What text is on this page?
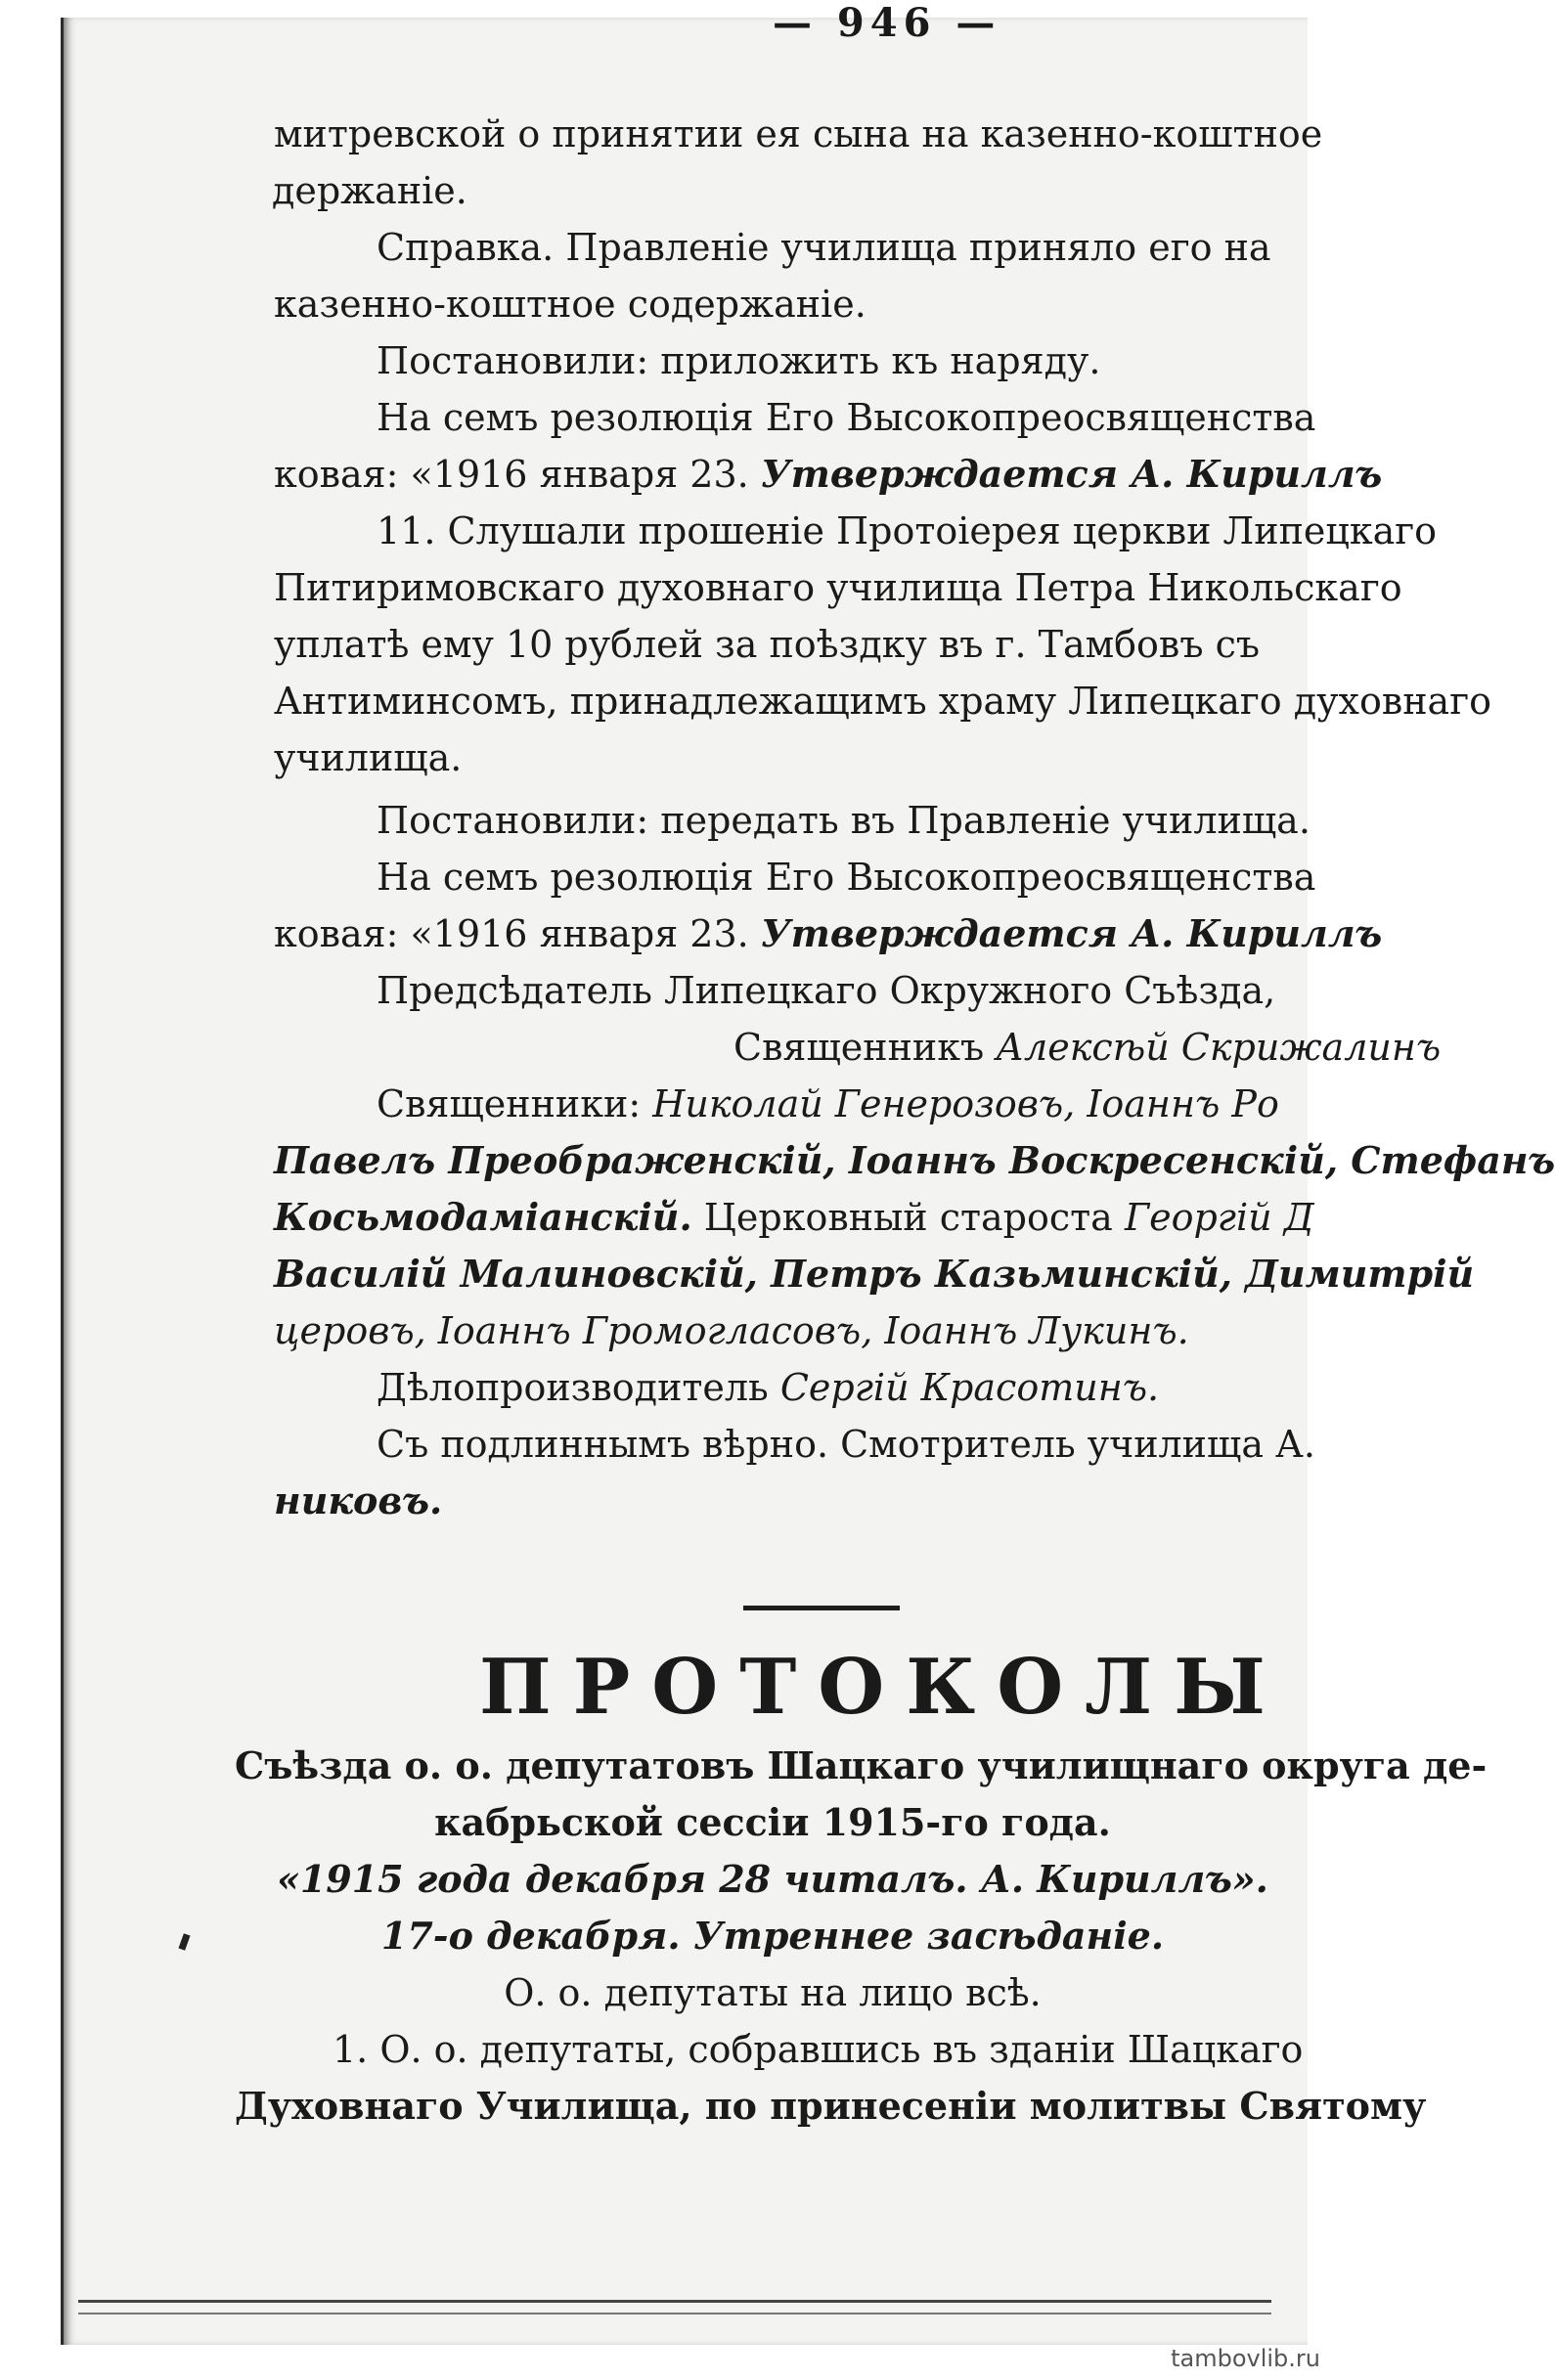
— 946 —
митревской о принятии ея сына на казенно-коштное
держаніе.
Справка. Правленіе училища приняло его на
казенно-коштное содержаніе.
Постановили: приложить къ наряду.
На семъ резолюція Его Высокопреосвященства
ковая: «1916 января 23. Утверждается А. Кириллъ
11. Слушали прошеніе Протоіерея церкви Липецкаго
Питиримовскаго духовнаго училища Петра Никольскаго
уплатѣ ему 10 рублей за поѣздку въ г. Тамбовъ съ
Антиминсомъ, принадлежащимъ храму Липецкаго духовнаго
училища.
Постановили: передать въ Правленіе училища.
На семъ резолюція Его Высокопреосвященства
ковая: «1916 января 23. Утверждается А. Кириллъ
Предсѣдатель Липецкаго Окружного Съѣзда,
Священникъ Алексѣй Скрижалинъ
Священники: Николай Генерозовъ, Іоаннъ Ро
Павелъ Преображенскій, Іоаннъ Воскресенскій, Стефанъ
Косьмодаміанскій. Церковный староста Георгій Д
Василій Малиновскій, Петръ Казьминскій, Димитрій
церовъ, Іоаннъ Громогласовъ, Іоаннъ Лукинъ.
Дѣлопроизводитель Сергій Красотинъ.
Съ подлиннымъ вѣрно. Смотритель училища А.
никовъ.
ПРОТОКОЛЫ
Съѣзда о. о. депутатовъ Шацкаго училищнаго округа де-
кабрьской сессіи 1915-го года.
«1915 года декабря 28 читалъ. А. Кириллъ».
17-о декабря. Утреннее засѣданіе.
О. о. депутаты на лицо всѣ.
1. О. о. депутаты, собравшись въ зданіи Шацкаго
Духовнаго Училища, по принесеніи молитвы Святому
tambovlib.ru
